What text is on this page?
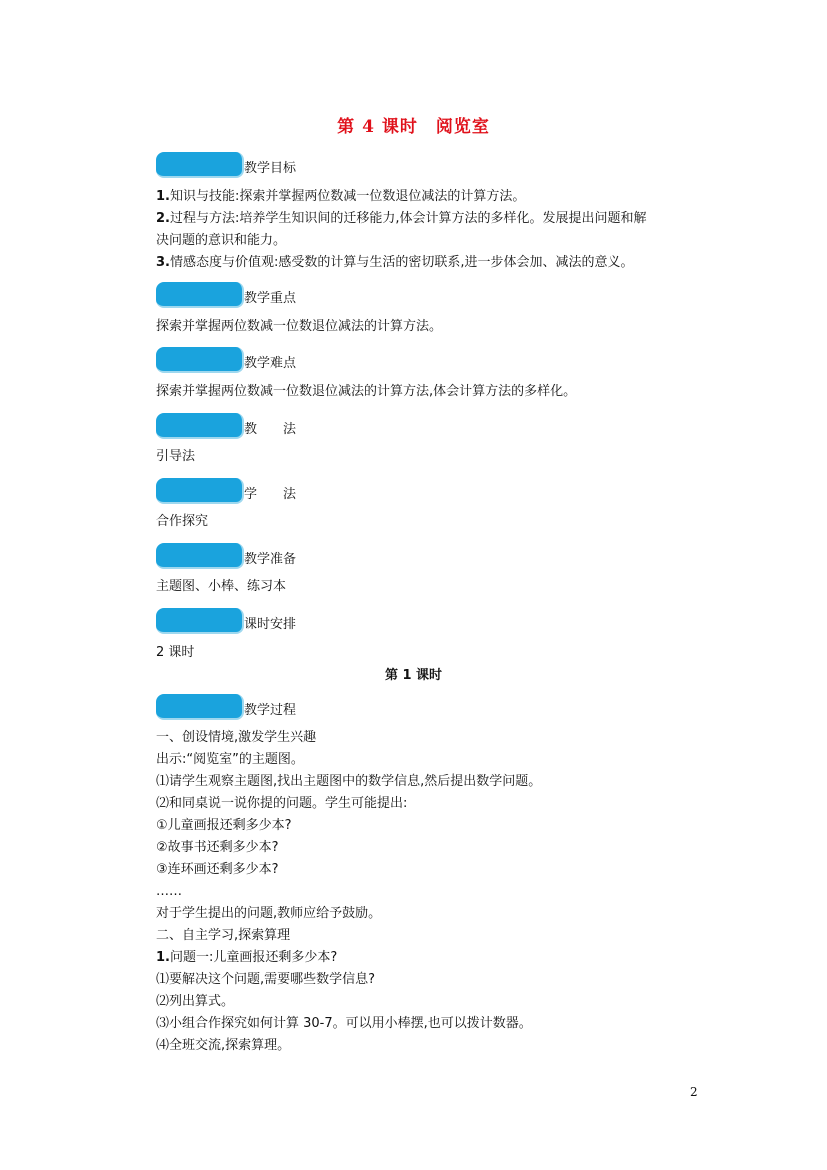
第 4 课时　阅览室
教学目标
1.知识与技能:探索并掌握两位数减一位数退位减法的计算方法。
2.过程与方法:培养学生知识间的迁移能力,体会计算方法的多样化。发展提出问题和解
决问题的意识和能力。
3.情感态度与价值观:感受数的计算与生活的密切联系,进一步体会加、减法的意义。
教学重点
探索并掌握两位数减一位数退位减法的计算方法。
教学难点
探索并掌握两位数减一位数退位减法的计算方法,体会计算方法的多样化。
教　　法
引导法
学　　法
合作探究
教学准备
主题图、小棒、练习本
课时安排
2 课时
第 1 课时
教学过程
一、创设情境,激发学生兴趣
出示:“阅览室”的主题图。
⑴请学生观察主题图,找出主题图中的数学信息,然后提出数学问题。
⑵和同桌说一说你提的问题。学生可能提出:
①儿童画报还剩多少本?
②故事书还剩多少本?
③连环画还剩多少本?
……
对于学生提出的问题,教师应给予鼓励。
二、自主学习,探索算理
1.问题一:儿童画报还剩多少本?
⑴要解决这个问题,需要哪些数学信息?
⑵列出算式。
⑶小组合作探究如何计算 30-7。可以用小棒摆,也可以拨计数器。
⑷全班交流,探索算理。
2
